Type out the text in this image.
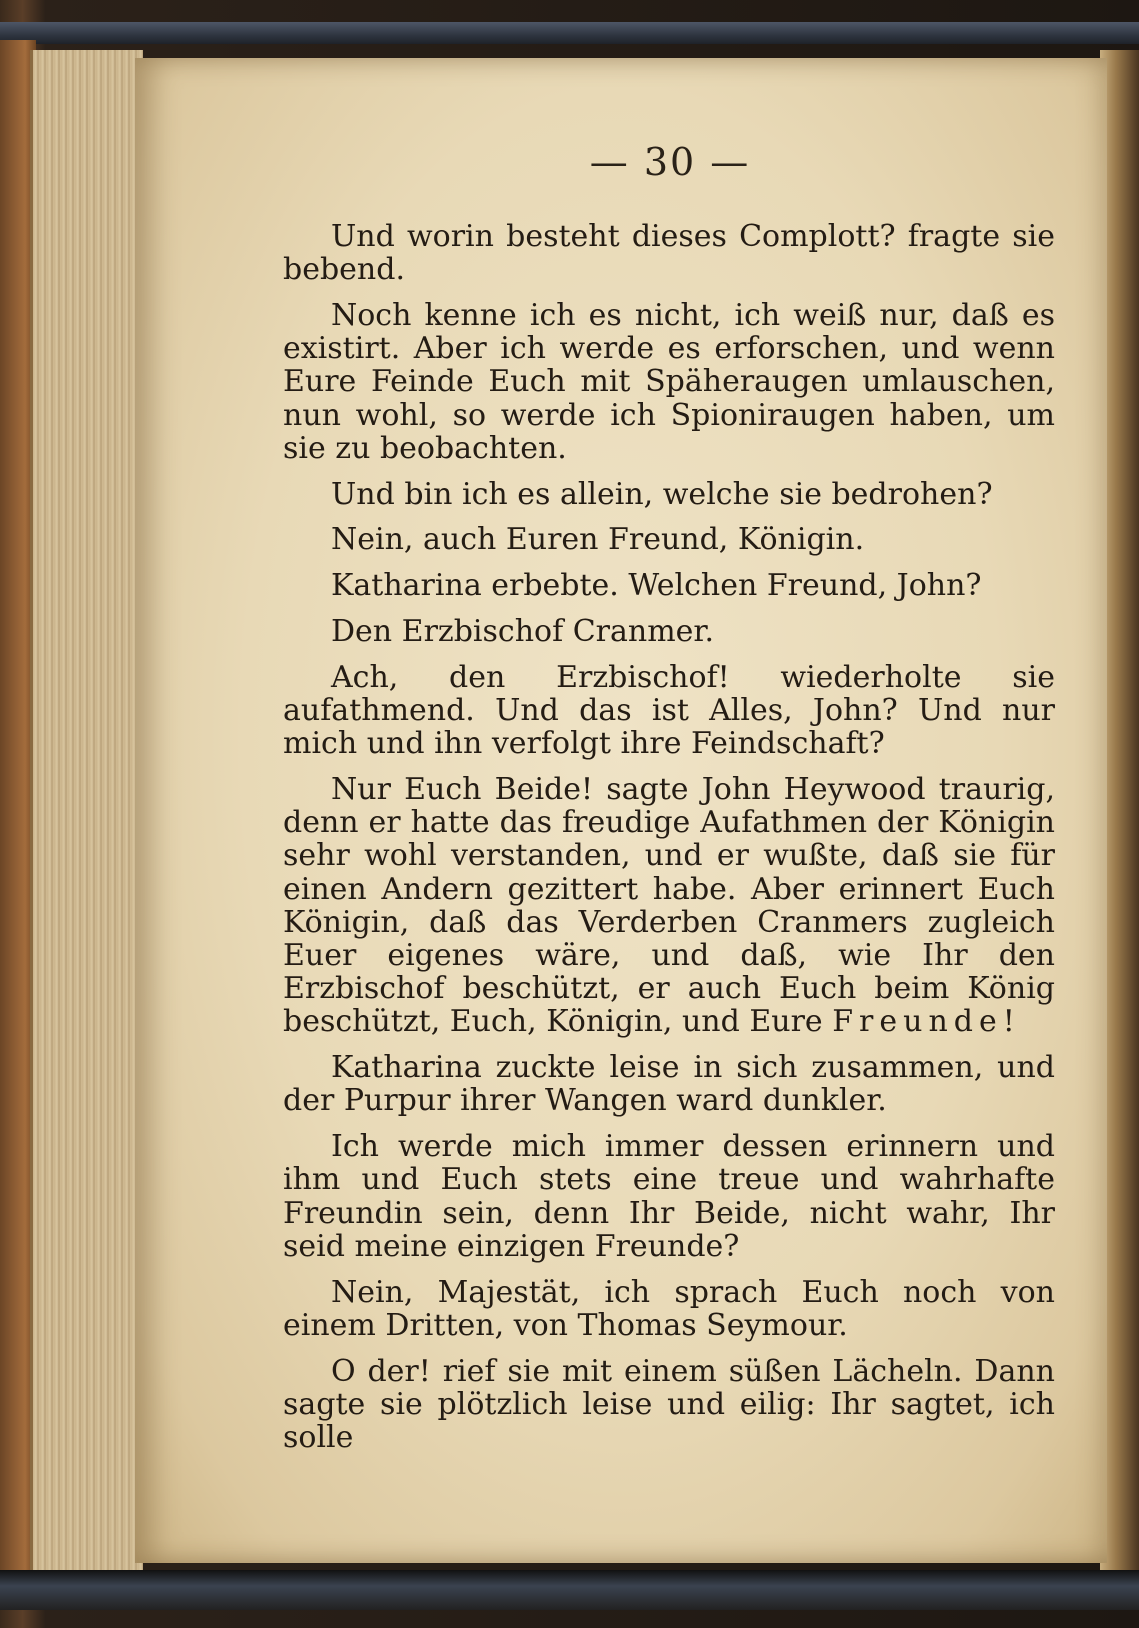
— 30 —

Und worin besteht dieses Complott? fragte sie bebend.

Noch kenne ich es nicht, ich weiß nur, daß es existirt. Aber ich werde es erforschen, und wenn Eure Feinde Euch mit Späheraugen umlauschen, nun wohl, so werde ich Spioniraugen haben, um sie zu beobachten.

Und bin ich es allein, welche sie bedrohen?

Nein, auch Euren Freund, Königin.

Katharina erbebte. Welchen Freund, John?

Den Erzbischof Cranmer.

Ach, den Erzbischof! wiederholte sie aufathmend. Und das ist Alles, John? Und nur mich und ihn verfolgt ihre Feindschaft?

Nur Euch Beide! sagte John Heywood traurig, denn er hatte das freudige Aufathmen der Königin sehr wohl verstanden, und er wußte, daß sie für einen Andern gezittert habe. Aber erinnert Euch Königin, daß das Verderben Cranmers zugleich Euer eigenes wäre, und daß, wie Ihr den Erzbischof beschützt, er auch Euch beim König beschützt, Euch, Königin, und Eure Freunde!

Katharina zuckte leise in sich zusammen, und der Purpur ihrer Wangen ward dunkler.

Ich werde mich immer dessen erinnern und ihm und Euch stets eine treue und wahrhafte Freundin sein, denn Ihr Beide, nicht wahr, Ihr seid meine einzigen Freunde?

Nein, Majestät, ich sprach Euch noch von einem Dritten, von Thomas Seymour.

O der! rief sie mit einem süßen Lächeln. Dann sagte sie plötzlich leise und eilig: Ihr sagtet, ich solle
